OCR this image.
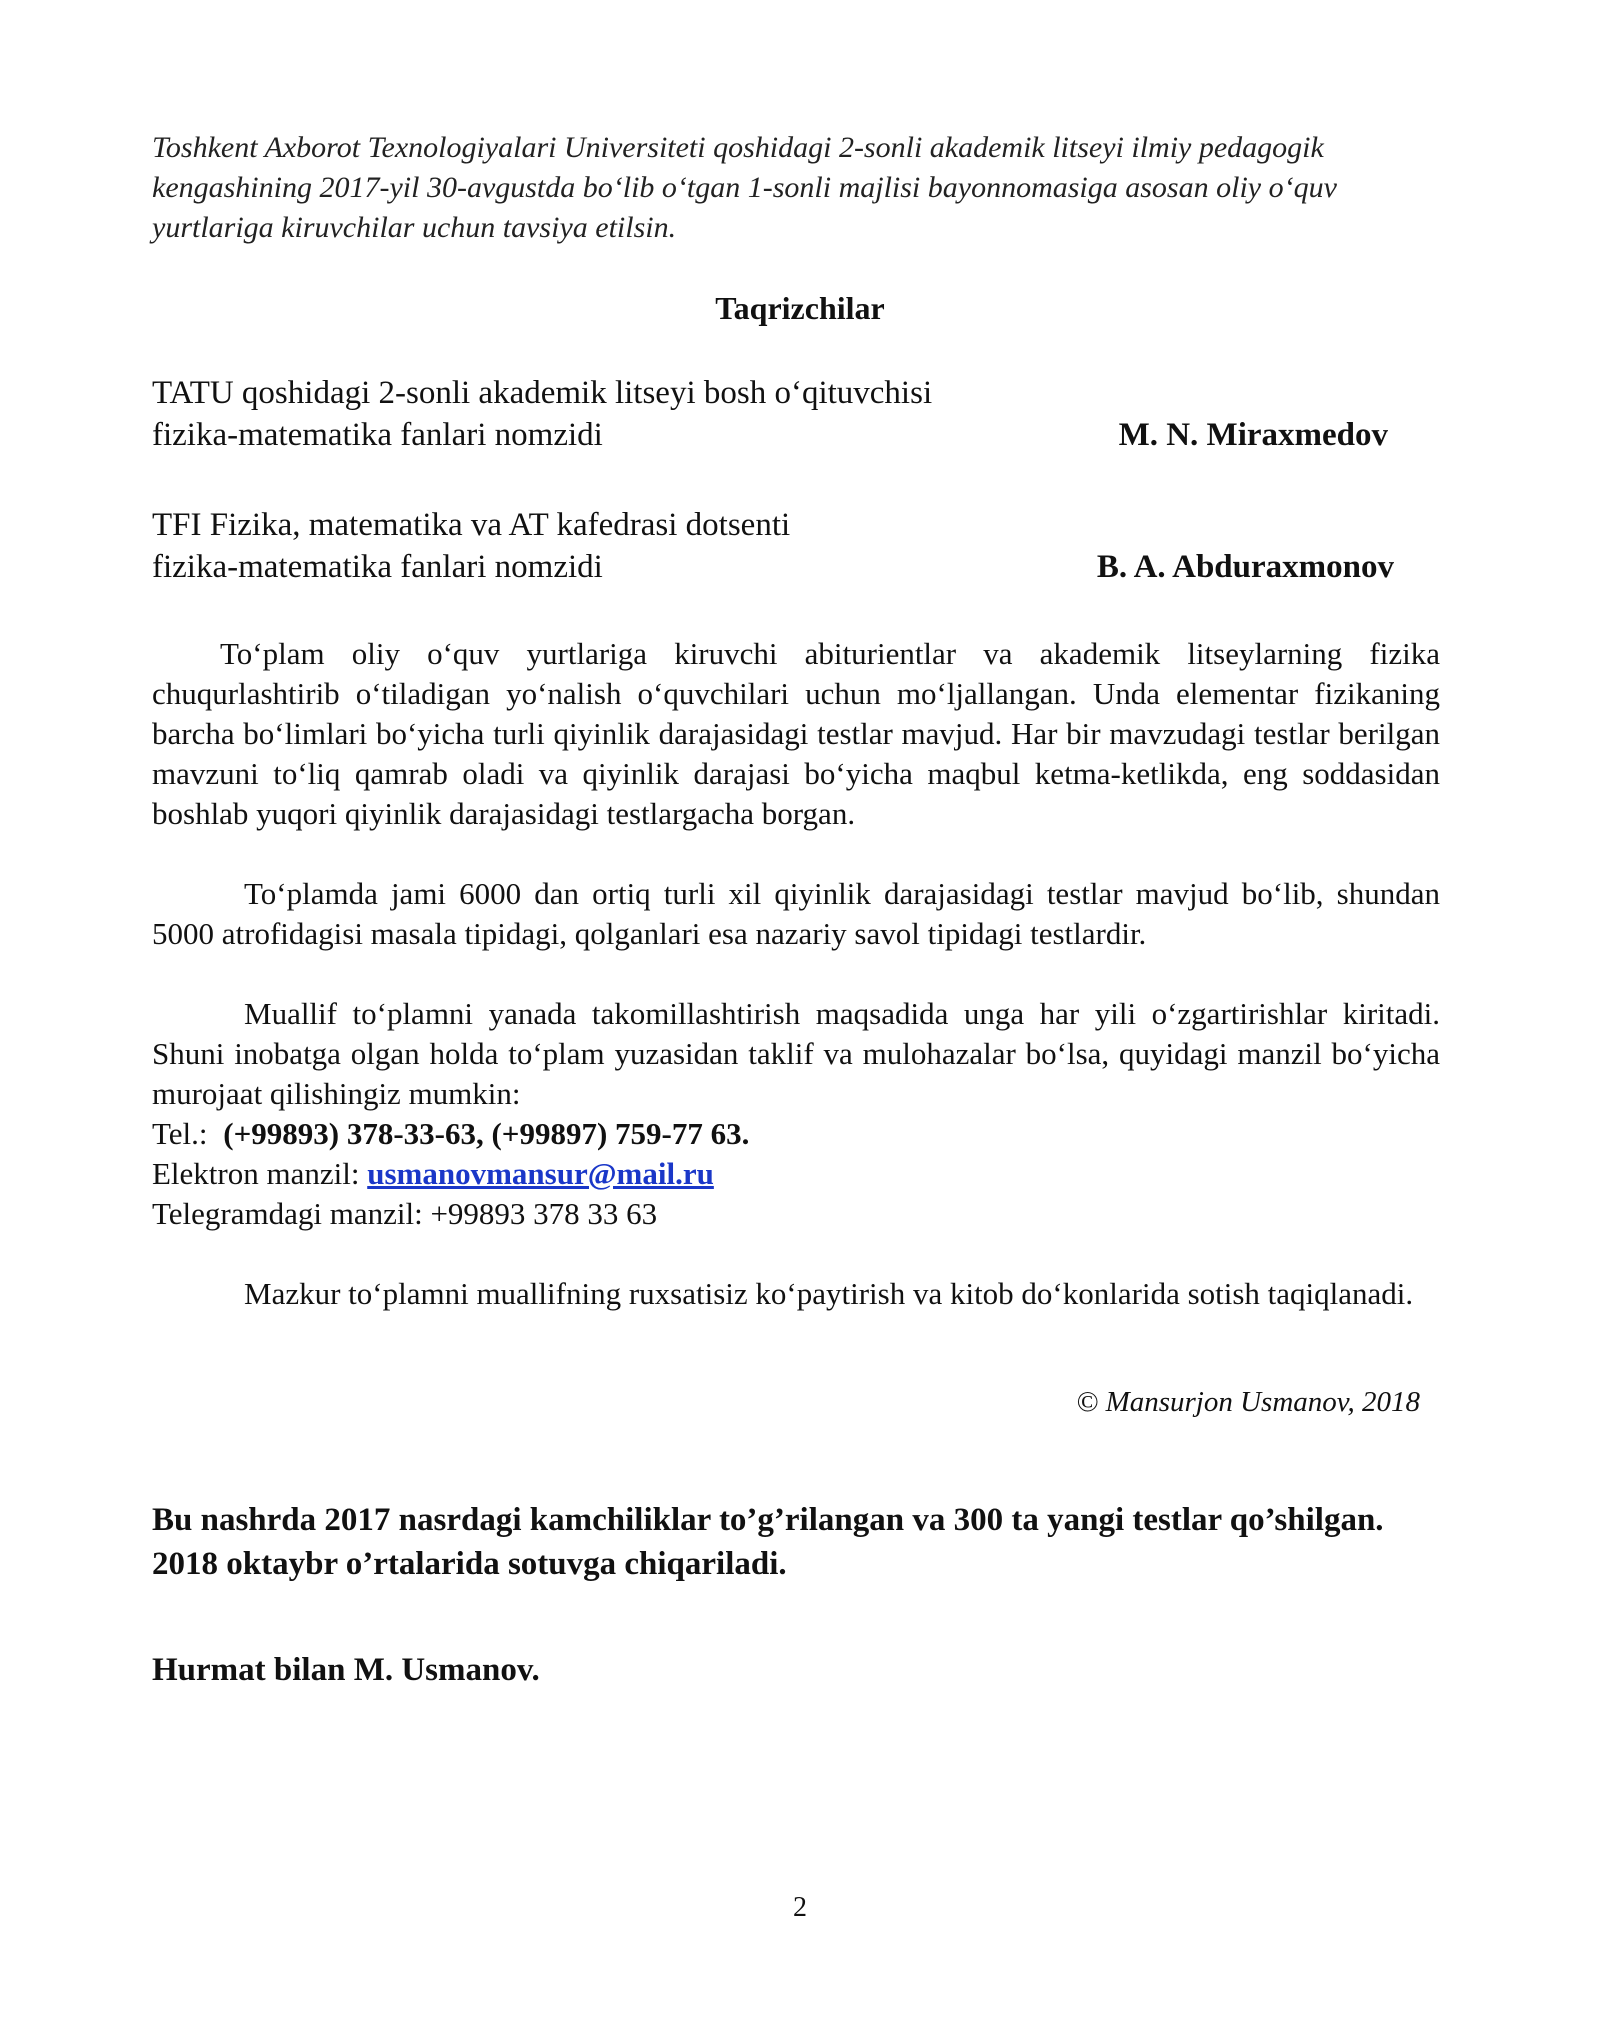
Toshkent Axborot Texnologiyalari Universiteti qoshidagi 2-sonli akademik litseyi ilmiy pedagogik kengashining 2017-yil 30-avgustda bo‘lib o‘tgan 1-sonli majlisi bayonnomasiga asosan oliy o‘quv yurtlariga kiruvchilar uchun tavsiya etilsin.
Taqrizchilar
TATU qoshidagi 2-sonli akademik litseyi bosh o‘qituvchisi
fizika-matematika fanlari nomzidi	M. N. Miraxmedov
TFI Fizika, matematika va AT kafedrasi dotsenti
fizika-matematika fanlari nomzidi	B. A. Abduraxmonov
To‘plam oliy o‘quv yurtlariga kiruvchi abiturientlar va akademik litseylarning fizika chuqurlashtirib o‘tiladigan yo‘nalish o‘quvchilari uchun mo‘ljallangan. Unda elementar fizikaning barcha bo‘limlari bo‘yicha turli qiyinlik darajasidagi testlar mavjud. Har bir mavzudagi testlar berilgan mavzuni to‘liq qamrab oladi va qiyinlik darajasi bo‘yicha maqbul ketma-ketlikda, eng soddasidan boshlab yuqori qiyinlik darajasidagi testlargacha borgan.
To‘plamda jami 6000 dan ortiq turli xil qiyinlik darajasidagi testlar mavjud bo‘lib, shundan 5000 atrofidagisi masala tipidagi, qolganlari esa nazariy savol tipidagi testlardir.
Muallif to‘plamni yanada takomillashtirish maqsadida unga har yili o‘zgartirishlar kiritadi. Shuni inobatga olgan holda to‘plam yuzasidan taklif va mulohazalar bo‘lsa, quyidagi manzil bo‘yicha murojaat qilishingiz mumkin:
Tel.: (+99893) 378-33-63, (+99897) 759-77 63.
Elektron manzil: usmanovmansur@mail.ru
Telegramdagi manzil: +99893 378 33 63
Mazkur to‘plamni muallifning ruxsatisiz ko‘paytirish va kitob do‘konlarida sotish taqiqlanadi.
© Mansurjon Usmanov, 2018
Bu nashrda 2017 nasrdagi kamchiliklar to’g’rilangan va 300 ta yangi testlar qo’shilgan. 2018 oktaybr o’rtalarida sotuvga chiqariladi.
Hurmat bilan M. Usmanov.
2
